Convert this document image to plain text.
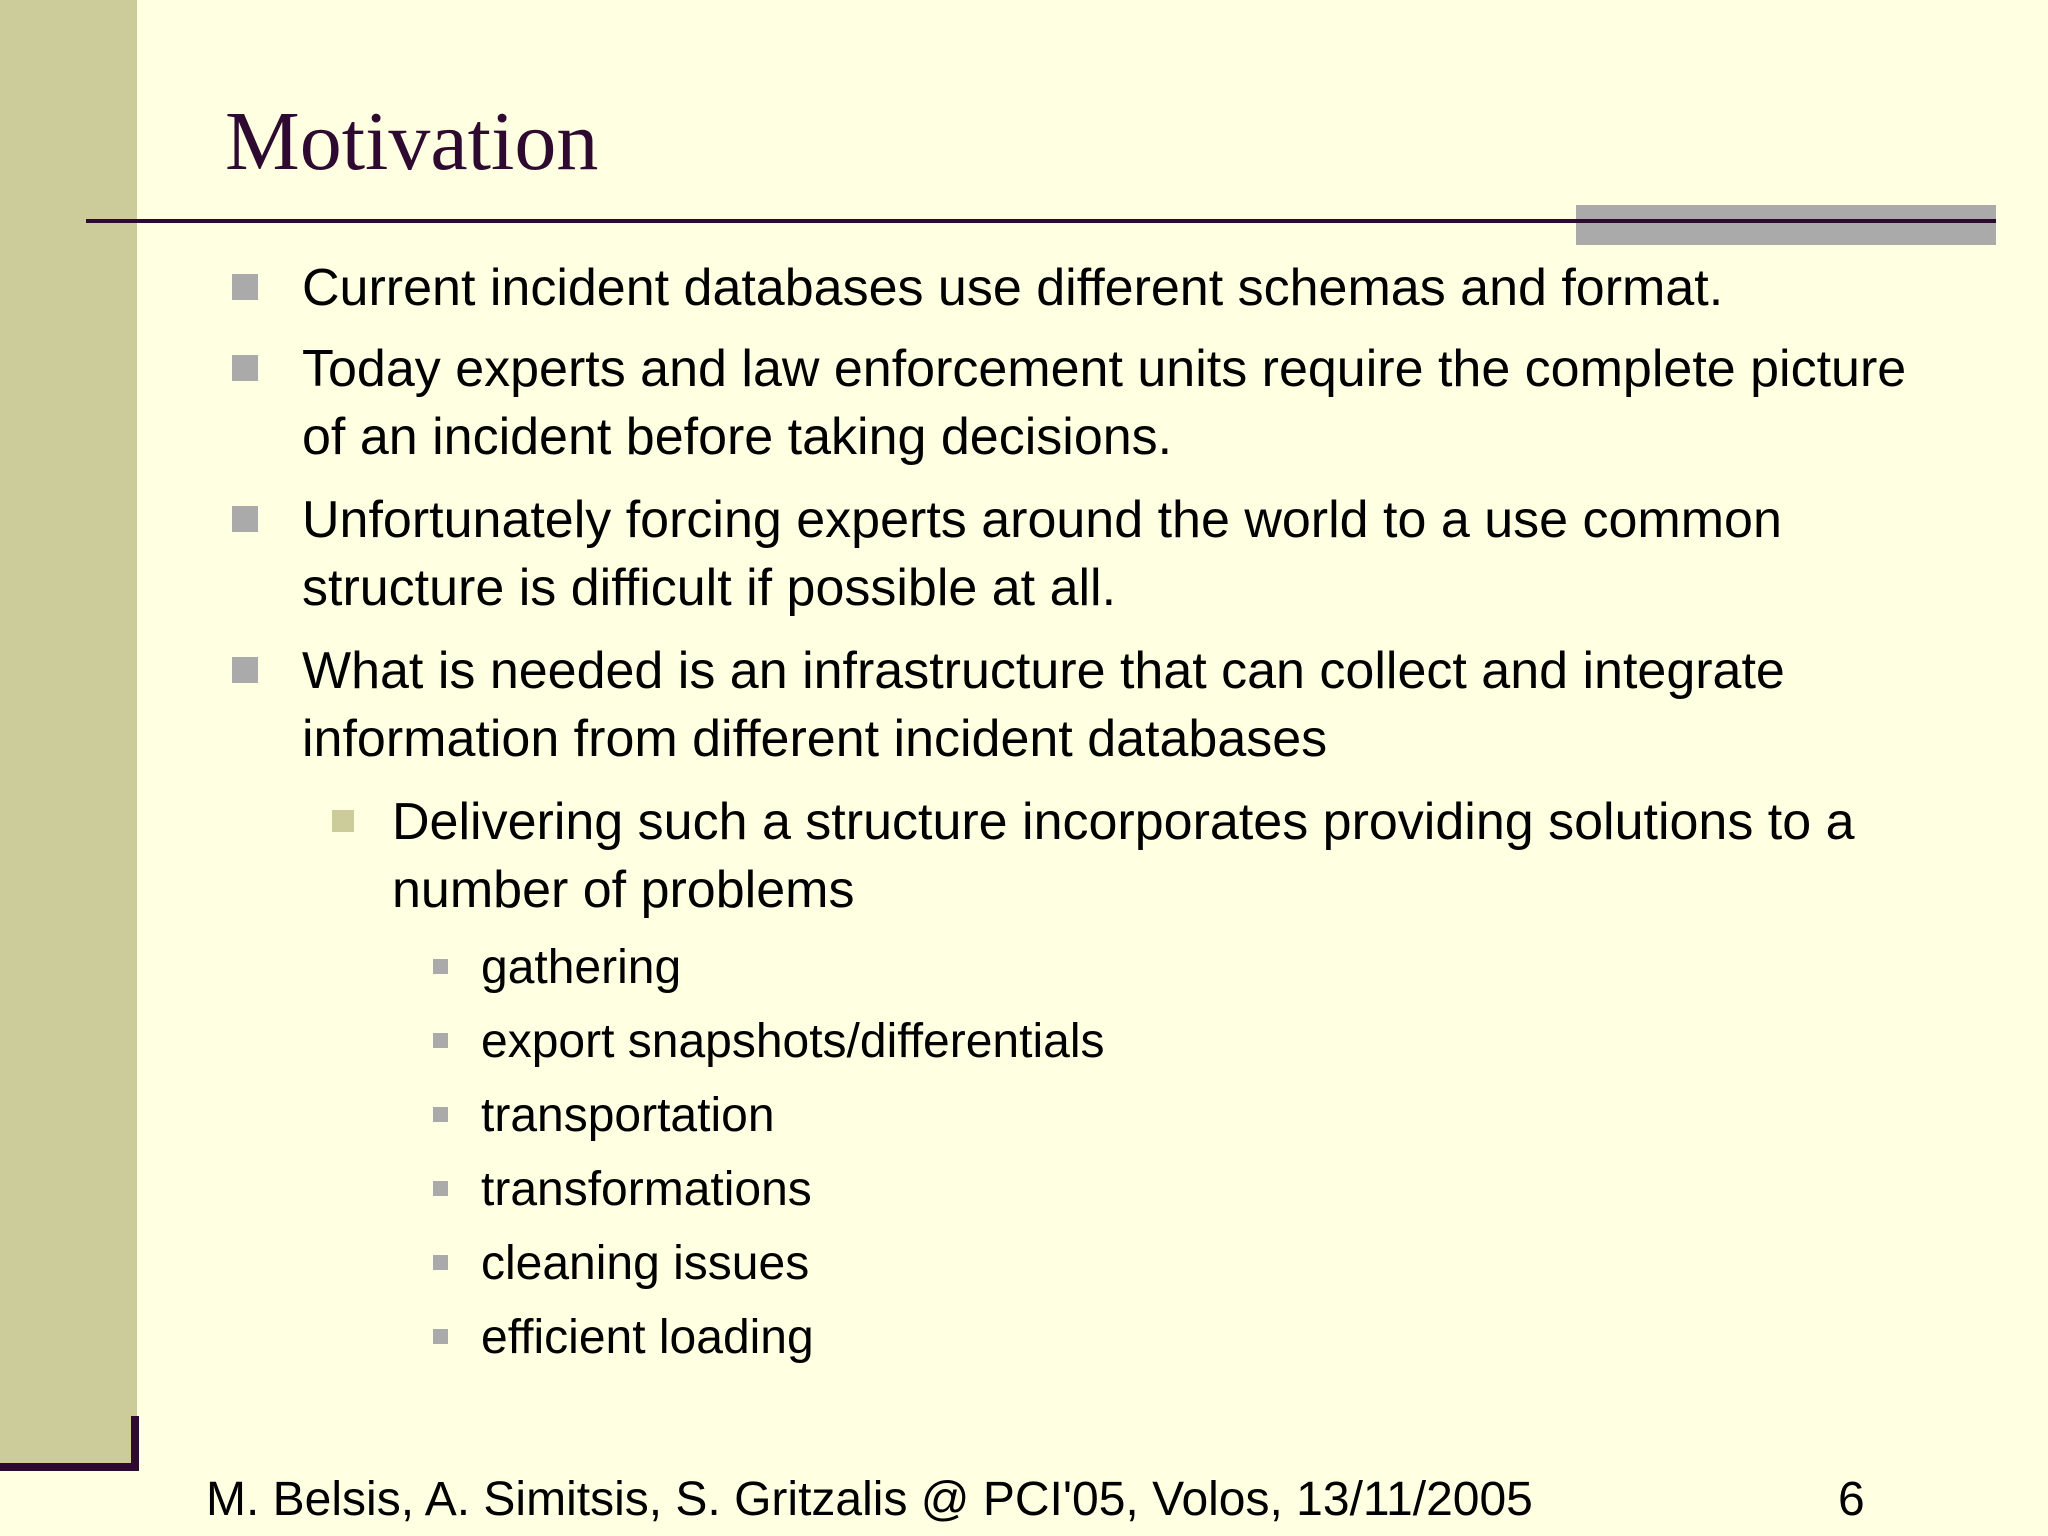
Motivation
Current incident databases use different schemas and format.
Today experts and law enforcement units require the complete picture of an incident before taking decisions.
Unfortunately forcing experts around the world to a use common structure is difficult if possible at all.
What is needed is an infrastructure that can collect and integrate information from different incident databases
Delivering such a structure incorporates providing solutions to a number of problems
gathering
export snapshots/differentials
transportation
transformations
cleaning issues
efficient loading
M. Belsis, A. Simitsis, S. Gritzalis @ PCI'05, Volos, 13/11/2005	6
